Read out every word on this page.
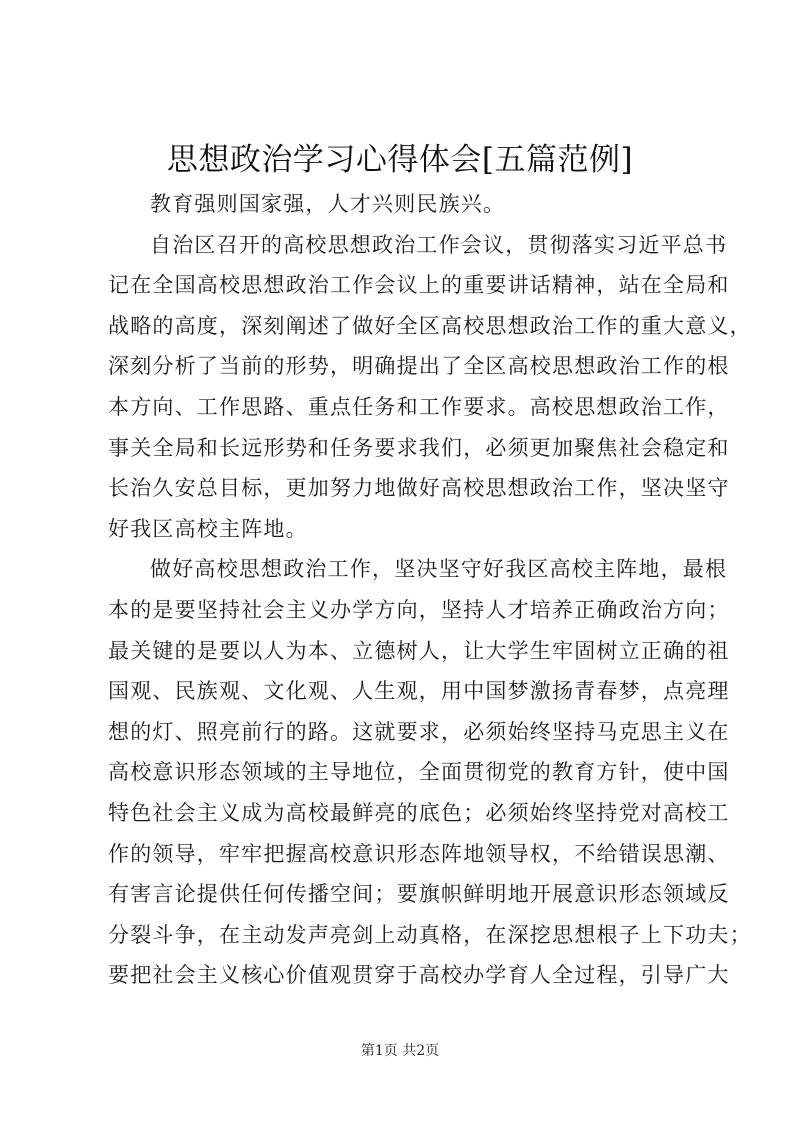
思想政治学习心得体会[五篇范例]
教育强则国家强，人才兴则民族兴。
自治区召开的高校思想政治工作会议，贯彻落实习近平总书
记在全国高校思想政治工作会议上的重要讲话精神，站在全局和
战略的高度，深刻阐述了做好全区高校思想政治工作的重大意义，
深刻分析了当前的形势，明确提出了全区高校思想政治工作的根
本方向、工作思路、重点任务和工作要求。高校思想政治工作，
事关全局和长远形势和任务要求我们，必须更加聚焦社会稳定和
长治久安总目标，更加努力地做好高校思想政治工作，坚决坚守
好我区高校主阵地。
做好高校思想政治工作，坚决坚守好我区高校主阵地，最根
本的是要坚持社会主义办学方向，坚持人才培养正确政治方向；
最关键的是要以人为本、立德树人，让大学生牢固树立正确的祖
国观、民族观、文化观、人生观，用中国梦激扬青春梦，点亮理
想的灯、照亮前行的路。这就要求，必须始终坚持马克思主义在
高校意识形态领域的主导地位，全面贯彻党的教育方针，使中国
特色社会主义成为高校最鲜亮的底色；必须始终坚持党对高校工
作的领导，牢牢把握高校意识形态阵地领导权，不给错误思潮、
有害言论提供任何传播空间；要旗帜鲜明地开展意识形态领域反
分裂斗争，在主动发声亮剑上动真格，在深挖思想根子上下功夫；
要把社会主义核心价值观贯穿于高校办学育人全过程，引导广大
第1页 共2页
